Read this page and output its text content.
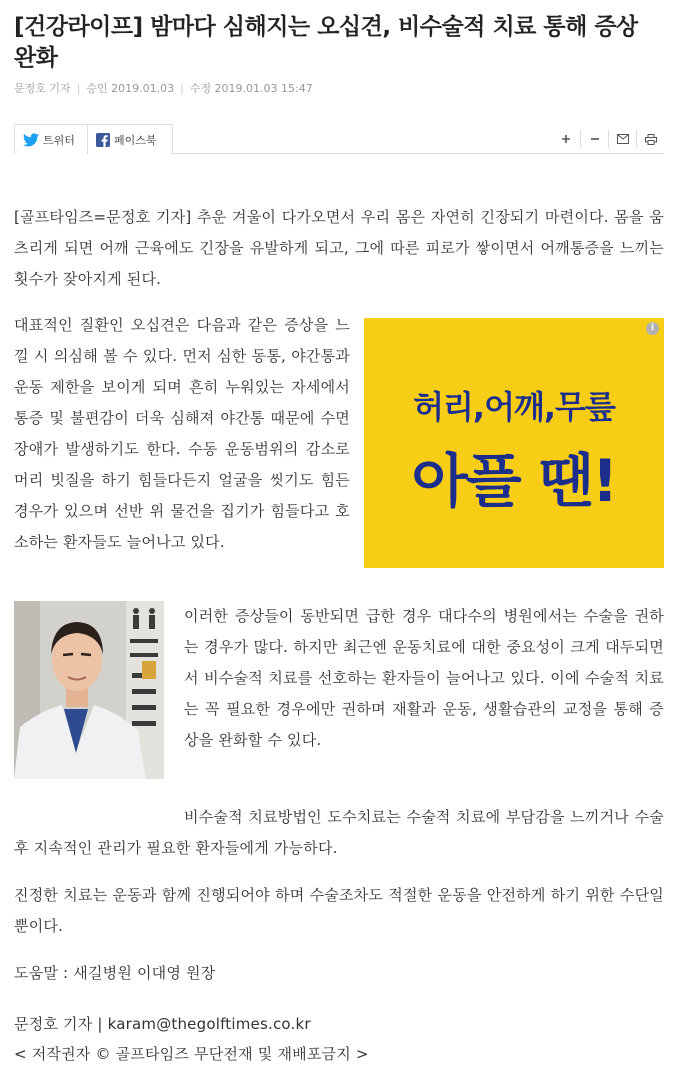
[건강라이프] 밤마다 심해지는 오십견, 비수술적 치료 통해 증상 완화
문정호 기자 | 승인 2019.01.03 | 수정 2019.01.03 15:47
트위터	페이스북

[골프타임즈=문정호 기자] 추운 겨울이 다가오면서 우리 몸은 자연히 긴장되기 마련이다. 몸을 움츠리게 되면 어깨 근육에도 긴장을 유발하게 되고, 그에 따른 피로가 쌓이면서 어깨통증을 느끼는 횟수가 잦아지게 된다.

대표적인 질환인 오십견은 다음과 같은 증상을 느낄 시 의심해 볼 수 있다. 먼저 심한 동통, 야간통과 운동 제한을 보이게 되며 흔히 누워있는 자세에서 통증 및 불편감이 더욱 심해져 야간통 때문에 수면장애가 발생하기도 한다. 수동 운동범위의 감소로 머리 빗질을 하기 힘들다든지 얼굴을 씻기도 힘든 경우가 있으며 선반 위 물건을 집기가 힘들다고 호소하는 환자들도 늘어나고 있다.

i
허리,어깨,무릎
아플 땐!

이러한 증상들이 동반되면 급한 경우 대다수의 병원에서는 수술을 권하는 경우가 많다. 하지만 최근엔 운동치료에 대한 중요성이 크게 대두되면서 비수술적 치료를 선호하는 환자들이 늘어나고 있다. 이에 수술적 치료는 꼭 필요한 경우에만 권하며 재활과 운동, 생활습관의 교정을 통해 증상을 완화할 수 있다.

비수술적 치료방법인 도수치료는 수술적 치료에 부담감을 느끼거나 수술 후 지속적인 관리가 필요한 환자들에게 가능하다.

진정한 치료는 운동과 함께 진행되어야 하며 수술조차도 적절한 운동을 안전하게 하기 위한 수단일 뿐이다.

도움말 : 새길병원 이대영 원장

문정호 기자 | karam@thegolftimes.co.kr

< 저작권자 © 골프타임즈 무단전재 및 재배포금지 >
